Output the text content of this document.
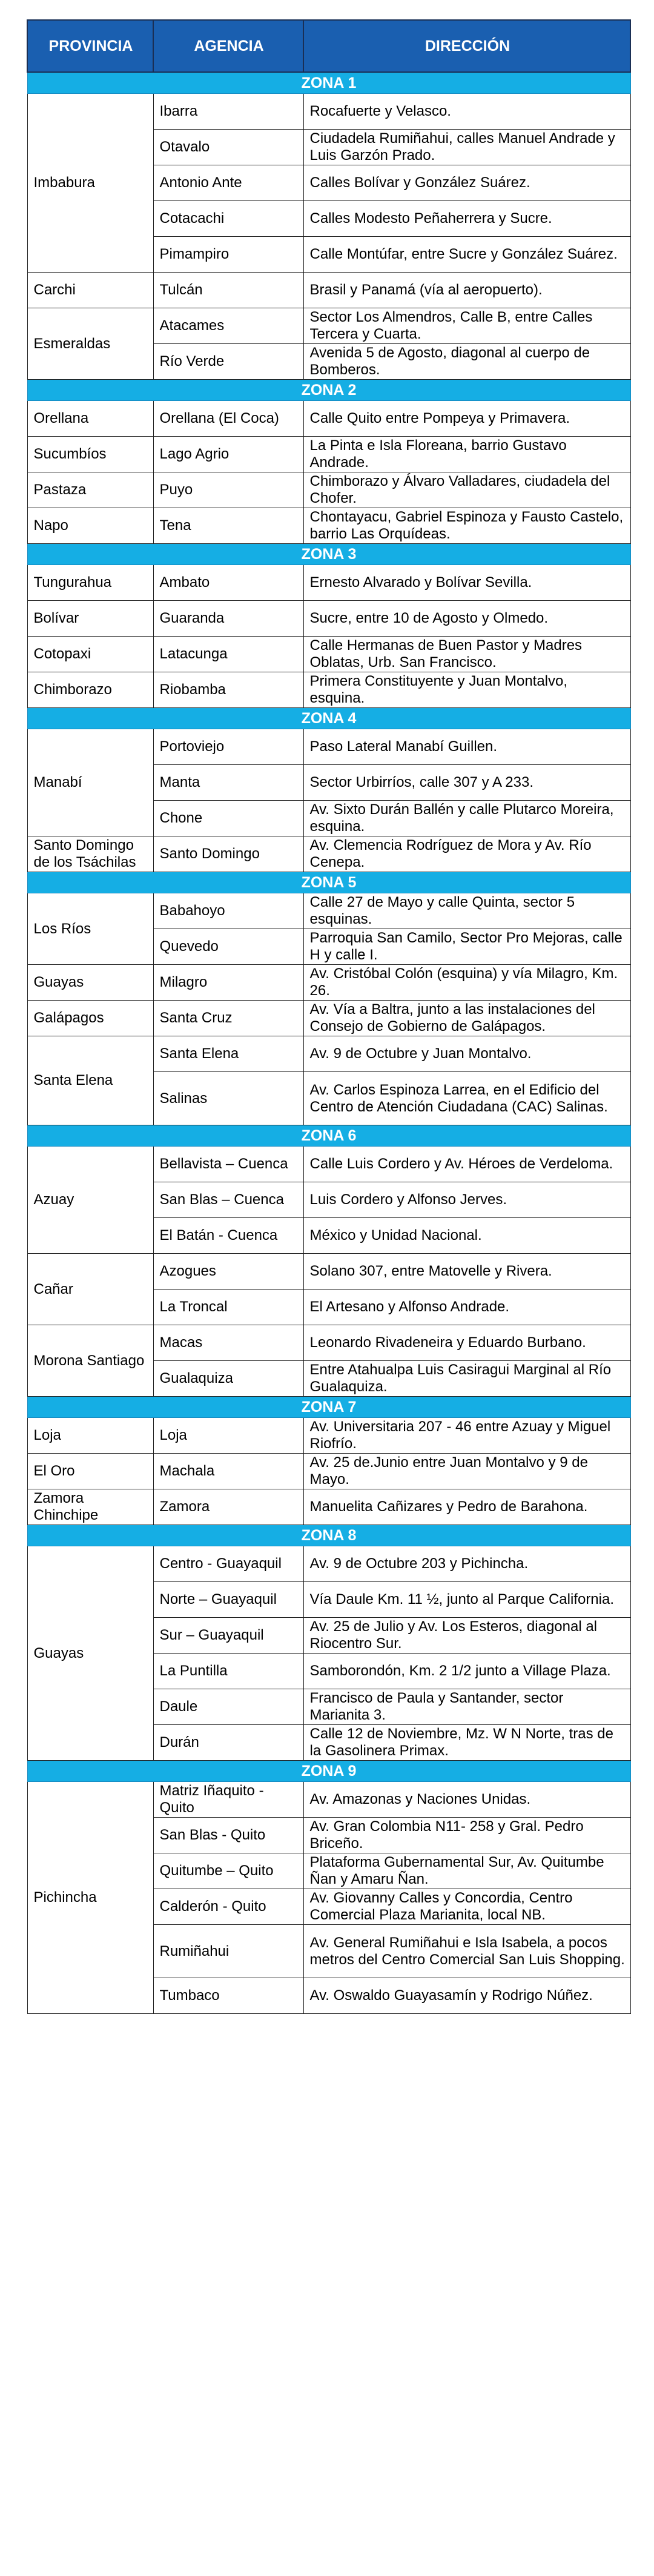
PROVINCIA	AGENCIA	DIRECCIÓN
ZONA 1		
Imbabura	Ibarra	Rocafuerte y Velasco.
	Otavalo	Ciudadela Rumiñahui, calles Manuel Andrade y Luis Garzón Prado.
	Antonio Ante	Calles Bolívar y González Suárez.
	Cotacachi	Calles Modesto Peñaherrera y Sucre.
	Pimampiro	Calle Montúfar, entre Sucre y González Suárez.
Carchi	Tulcán	Brasil y Panamá (vía al aeropuerto).
Esmeraldas	Atacames	Sector Los Almendros, Calle B, entre Calles Tercera y Cuarta.
	Río Verde	Avenida 5 de Agosto, diagonal al cuerpo de Bomberos.
ZONA 2		
Orellana	Orellana (El Coca)	Calle Quito entre Pompeya y Primavera.
Sucumbíos	Lago Agrio	La Pinta e Isla Floreana, barrio Gustavo Andrade.
Pastaza	Puyo	Chimborazo y Álvaro Valladares, ciudadela del Chofer.
Napo	Tena	Chontayacu, Gabriel Espinoza y Fausto Castelo, barrio Las Orquídeas.
ZONA 3		
Tungurahua	Ambato	Ernesto Alvarado y Bolívar Sevilla.
Bolívar	Guaranda	Sucre, entre 10 de Agosto y Olmedo.
Cotopaxi	Latacunga	Calle Hermanas de Buen Pastor y Madres Oblatas, Urb. San Francisco.
Chimborazo	Riobamba	Primera Constituyente y Juan Montalvo, esquina.
ZONA 4		
Manabí	Portoviejo	Paso Lateral Manabí Guillen.
	Manta	Sector Urbirríos, calle 307 y A 233.
	Chone	Av. Sixto Durán Ballén y calle Plutarco Moreira, esquina.
Santo Domingo de los Tsáchilas	Santo Domingo	Av. Clemencia Rodríguez de Mora y Av. Río Cenepa.
ZONA 5		
Los Ríos	Babahoyo	Calle 27 de Mayo y calle Quinta, sector 5 esquinas.
	Quevedo	Parroquia San Camilo, Sector Pro Mejoras, calle H y calle I.
Guayas	Milagro	Av. Cristóbal Colón (esquina) y vía Milagro, Km. 26.
Galápagos	Santa Cruz	Av. Vía a Baltra, junto a las instalaciones del Consejo de Gobierno de Galápagos.
Santa Elena	Santa Elena	Av. 9 de Octubre y Juan Montalvo.
	Salinas	Av. Carlos Espinoza Larrea, en el Edificio del Centro de Atención Ciudadana (CAC) Salinas.
ZONA 6		
Azuay	Bellavista – Cuenca	Calle Luis Cordero y Av. Héroes de Verdeloma.
	San Blas – Cuenca	Luis Cordero y Alfonso Jerves.
	El Batán - Cuenca	México y Unidad Nacional.
Cañar	Azogues	Solano 307, entre Matovelle y Rivera.
	La Troncal	El Artesano y Alfonso Andrade.
Morona Santiago	Macas	Leonardo Rivadeneira y Eduardo Burbano.
	Gualaquiza	Entre Atahualpa Luis Casiragui Marginal al Río Gualaquiza.
ZONA 7		
Loja	Loja	Av. Universitaria 207 - 46 entre Azuay y Miguel Riofrío.
El Oro	Machala	Av. 25 de.Junio entre Juan Montalvo y 9 de Mayo.
Zamora Chinchipe	Zamora	Manuelita Cañizares y Pedro de Barahona.
ZONA 8		
Guayas	Centro - Guayaquil	Av. 9 de Octubre 203 y Pichincha.
	Norte – Guayaquil	Vía Daule Km. 11 ½, junto al Parque California.
	Sur – Guayaquil	Av. 25 de Julio y Av. Los Esteros, diagonal al Riocentro Sur.
	La Puntilla	Samborondón, Km. 2 1/2 junto a Village Plaza.
	Daule	Francisco de Paula y Santander, sector Marianita 3.
	Durán	Calle 12 de Noviembre, Mz. W N Norte, tras de la Gasolinera Primax.
ZONA 9		
Pichincha	Matriz Iñaquito - Quito	Av. Amazonas y Naciones Unidas.
	San Blas - Quito	Av. Gran Colombia N11- 258 y Gral. Pedro Briceño.
	Quitumbe – Quito	Plataforma Gubernamental Sur, Av. Quitumbe Ñan y Amaru Ñan.
	Calderón - Quito	Av. Giovanny Calles y Concordia, Centro Comercial Plaza Marianita, local NB.
	Rumiñahui	Av. General Rumiñahui e Isla Isabela, a pocos metros del Centro Comercial San Luis Shopping.
	Tumbaco	Av. Oswaldo Guayasamín y Rodrigo Núñez.
